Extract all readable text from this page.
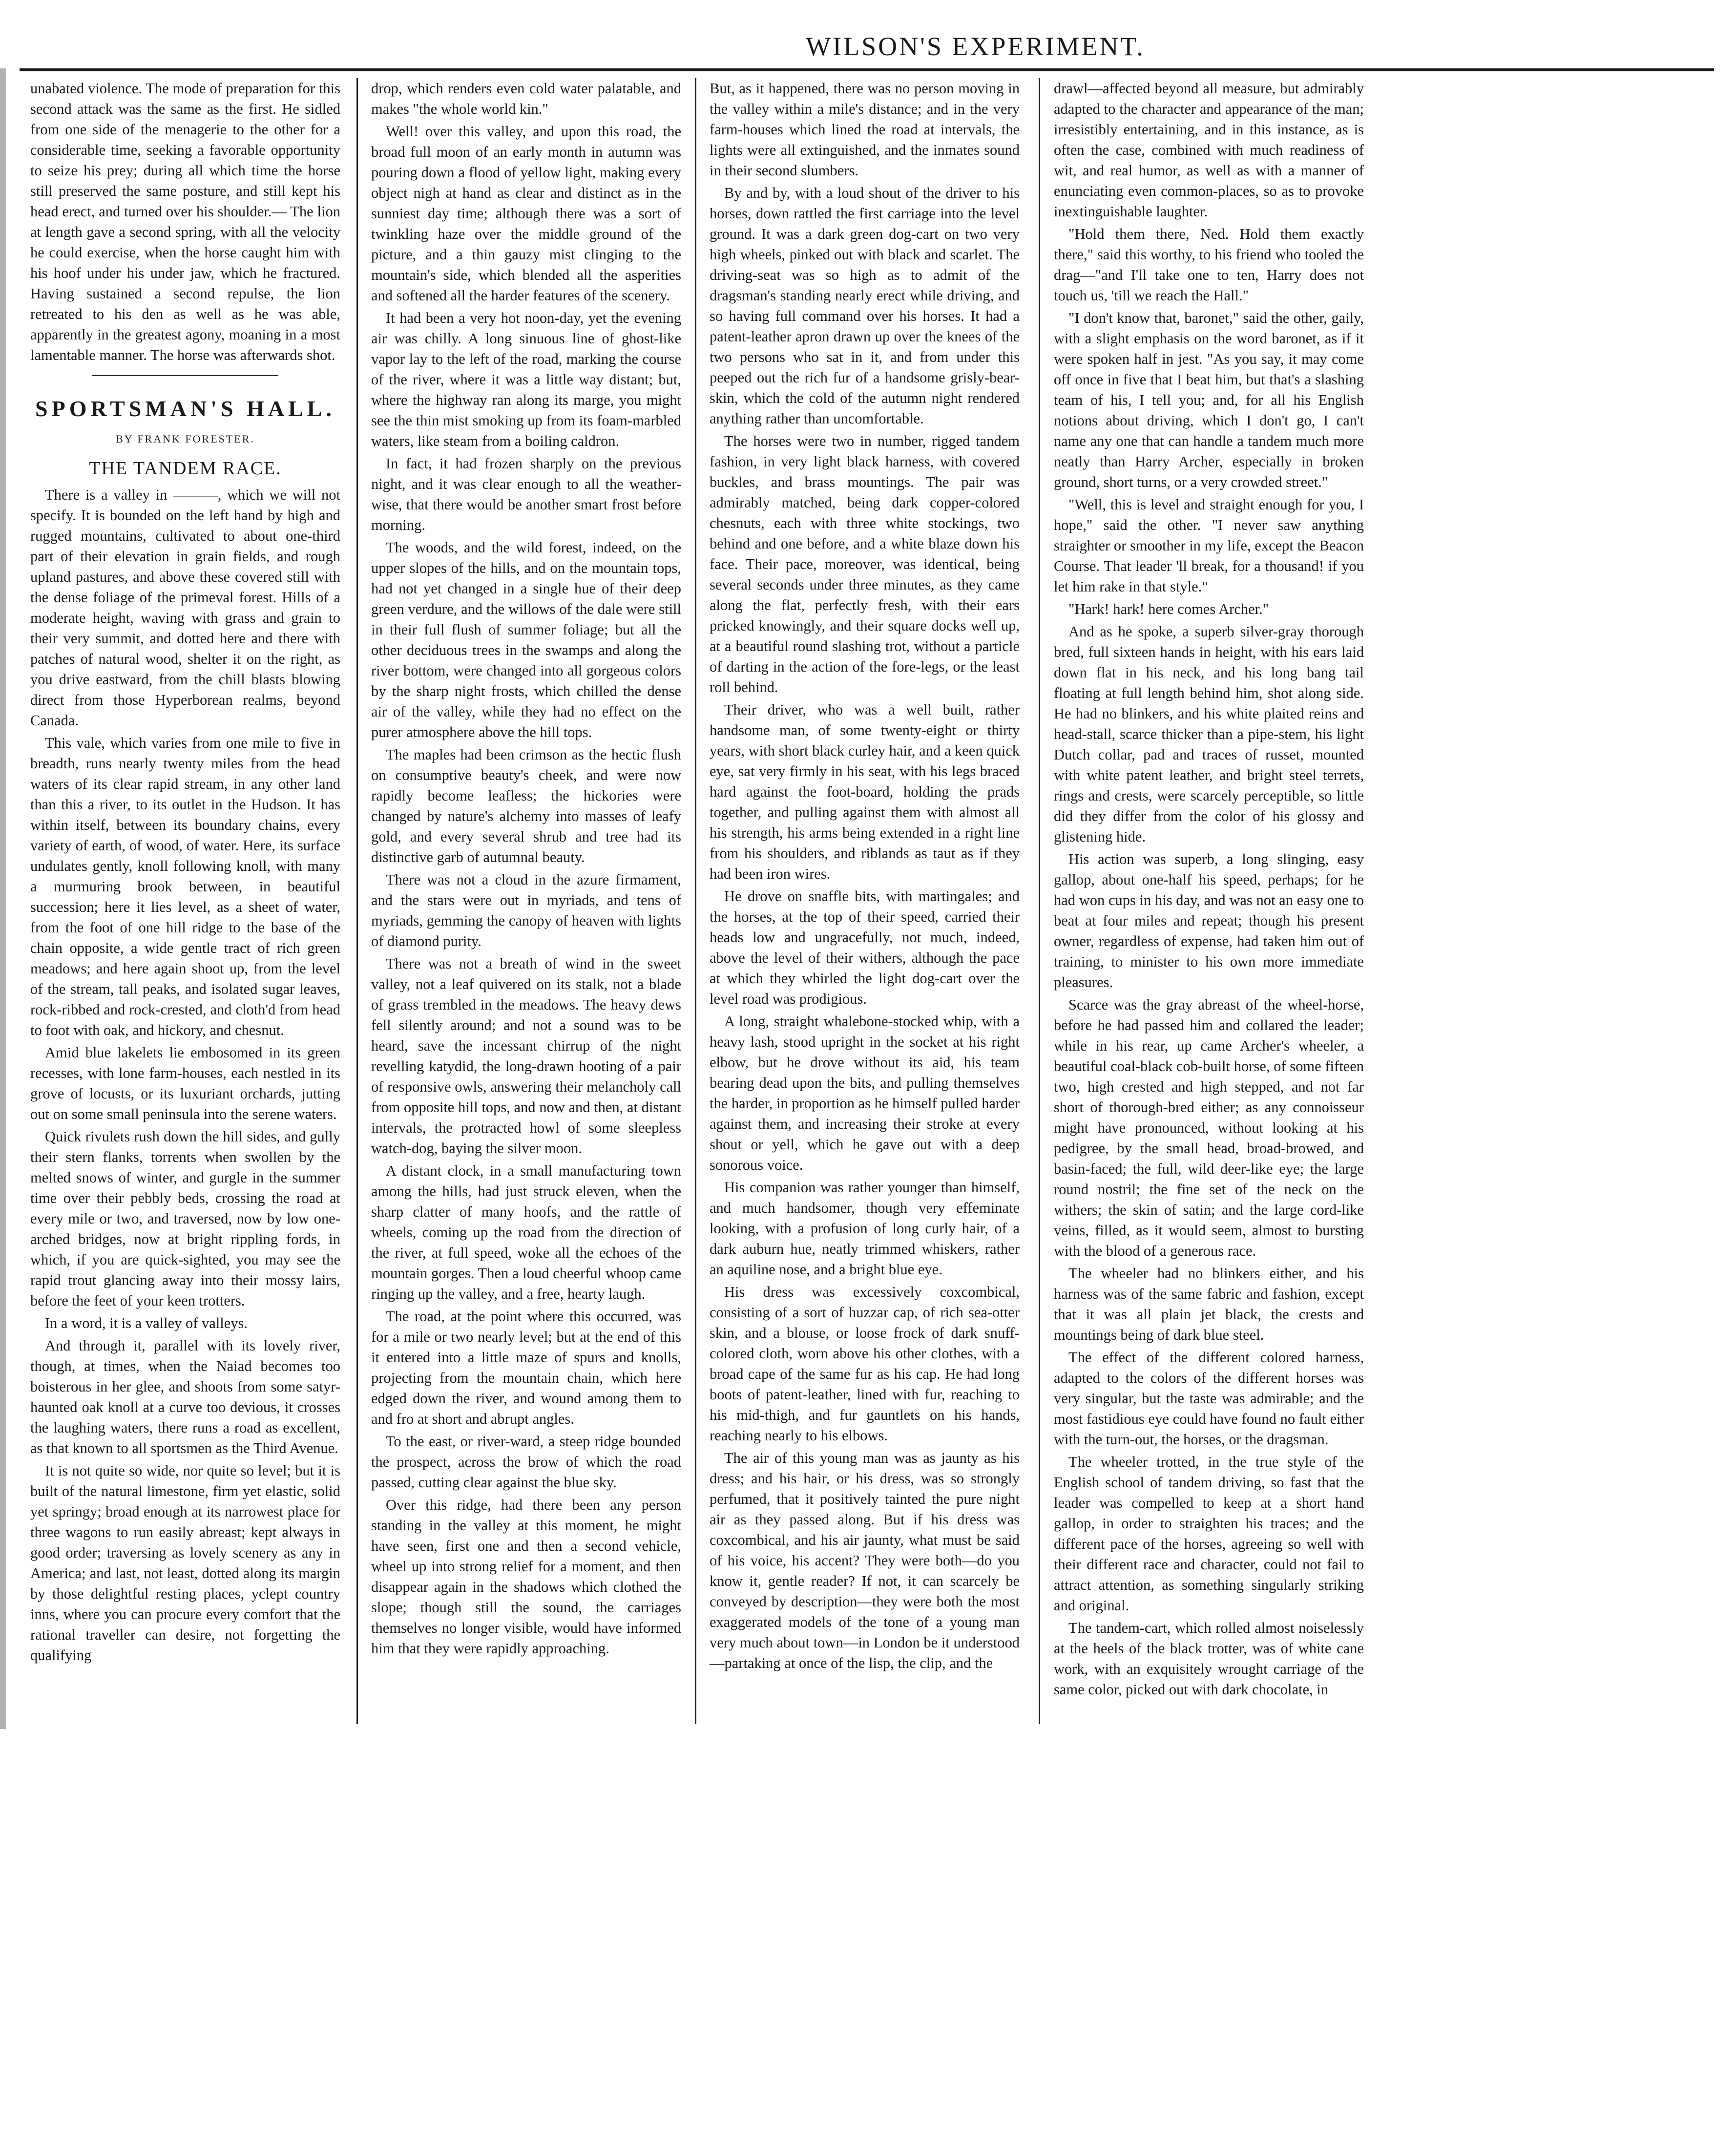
WILSON'S EXPERIMENT.

unabated violence. The mode of preparation for this second attack was the same as the first. He sidled from one side of the menagerie to the other for a considerable time, seeking a favorable opportunity to seize his prey; during all which time the horse still preserved the same posture, and still kept his head erect, and turned over his shoulder.— The lion at length gave a second spring, with all the velocity he could exercise, when the horse caught him with his hoof under his under jaw, which he fractured. Having sustained a second repulse, the lion retreated to his den as well as he was able, apparently in the greatest agony, moaning in a most lamentable manner. The horse was afterwards shot.

SPORTSMAN'S HALL.
BY FRANK FORESTER.
THE TANDEM RACE.

There is a valley in ———, which we will not specify. It is bounded on the left hand by high and rugged mountains, cultivated to about one-third part of their elevation in grain fields, and rough upland pastures, and above these covered still with the dense foliage of the primeval forest. Hills of a moderate height, waving with grass and grain to their very summit, and dotted here and there with patches of natural wood, shelter it on the right, as you drive eastward, from the chill blasts blowing direct from those Hyperborean realms, beyond Canada.

This vale, which varies from one mile to five in breadth, runs nearly twenty miles from the head waters of its clear rapid stream, in any other land than this a river, to its outlet in the Hudson. It has within itself, between its boundary chains, every variety of earth, of wood, of water. Here, its surface undulates gently, knoll following knoll, with many a murmuring brook between, in beautiful succession; here it lies level, as a sheet of water, from the foot of one hill ridge to the base of the chain opposite, a wide gentle tract of rich green meadows; and here again shoot up, from the level of the stream, tall peaks, and isolated sugar leaves, rock-ribbed and rock-crested, and cloth'd from head to foot with oak, and hickory, and chesnut.

Amid blue lakelets lie embosomed in its green recesses, with lone farm-houses, each nestled in its grove of locusts, or its luxuriant orchards, jutting out on some small peninsula into the serene waters.

Quick rivulets rush down the hill sides, and gully their stern flanks, torrents when swollen by the melted snows of winter, and gurgle in the summer time over their pebbly beds, crossing the road at every mile or two, and traversed, now by low one-arched bridges, now at bright rippling fords, in which, if you are quick-sighted, you may see the rapid trout glancing away into their mossy lairs, before the feet of your keen trotters.

In a word, it is a valley of valleys.

And through it, parallel with its lovely river, though, at times, when the Naiad becomes too boisterous in her glee, and shoots from some satyr-haunted oak knoll at a curve too devious, it crosses the laughing waters, there runs a road as excellent, as that known to all sportsmen as the Third Avenue.

It is not quite so wide, nor quite so level; but it is built of the natural limestone, firm yet elastic, solid yet springy; broad enough at its narrowest place for three wagons to run easily abreast; kept always in good order; traversing as lovely scenery as any in America; and last, not least, dotted along its margin by those delightful resting places, yclept country inns, where you can procure every comfort that the rational traveller can desire, not forgetting the qualifying

drop, which renders even cold water palatable, and makes "the whole world kin."

Well! over this valley, and upon this road, the broad full moon of an early month in autumn was pouring down a flood of yellow light, making every object nigh at hand as clear and distinct as in the sunniest day time; although there was a sort of twinkling haze over the middle ground of the picture, and a thin gauzy mist clinging to the mountain's side, which blended all the asperities and softened all the harder features of the scenery.

It had been a very hot noon-day, yet the evening air was chilly. A long sinuous line of ghost-like vapor lay to the left of the road, marking the course of the river, where it was a little way distant; but, where the highway ran along its marge, you might see the thin mist smoking up from its foam-marbled waters, like steam from a boiling caldron.

In fact, it had frozen sharply on the previous night, and it was clear enough to all the weather-wise, that there would be another smart frost before morning.

The woods, and the wild forest, indeed, on the upper slopes of the hills, and on the mountain tops, had not yet changed in a single hue of their deep green verdure, and the willows of the dale were still in their full flush of summer foliage; but all the other deciduous trees in the swamps and along the river bottom, were changed into all gorgeous colors by the sharp night frosts, which chilled the dense air of the valley, while they had no effect on the purer atmosphere above the hill tops.

The maples had been crimson as the hectic flush on consumptive beauty's cheek, and were now rapidly become leafless; the hickories were changed by nature's alchemy into masses of leafy gold, and every several shrub and tree had its distinctive garb of autumnal beauty.

There was not a cloud in the azure firmament, and the stars were out in myriads, and tens of myriads, gemming the canopy of heaven with lights of diamond purity.

There was not a breath of wind in the sweet valley, not a leaf quivered on its stalk, not a blade of grass trembled in the meadows. The heavy dews fell silently around; and not a sound was to be heard, save the incessant chirrup of the night revelling katydid, the long-drawn hooting of a pair of responsive owls, answering their melancholy call from opposite hill tops, and now and then, at distant intervals, the protracted howl of some sleepless watch-dog, baying the silver moon.

A distant clock, in a small manufacturing town among the hills, had just struck eleven, when the sharp clatter of many hoofs, and the rattle of wheels, coming up the road from the direction of the river, at full speed, woke all the echoes of the mountain gorges. Then a loud cheerful whoop came ringing up the valley, and a free, hearty laugh.

The road, at the point where this occurred, was for a mile or two nearly level; but at the end of this it entered into a little maze of spurs and knolls, projecting from the mountain chain, which here edged down the river, and wound among them to and fro at short and abrupt angles.

To the east, or river-ward, a steep ridge bounded the prospect, across the brow of which the road passed, cutting clear against the blue sky.

Over this ridge, had there been any person standing in the valley at this moment, he might have seen, first one and then a second vehicle, wheel up into strong relief for a moment, and then disappear again in the shadows which clothed the slope; though still the sound, the carriages themselves no longer visible, would have informed him that they were rapidly approaching.

But, as it happened, there was no person moving in the valley within a mile's distance; and in the very farm-houses which lined the road at intervals, the lights were all extinguished, and the inmates sound in their second slumbers.

By and by, with a loud shout of the driver to his horses, down rattled the first carriage into the level ground. It was a dark green dog-cart on two very high wheels, pinked out with black and scarlet. The driving-seat was so high as to admit of the dragsman's standing nearly erect while driving, and so having full command over his horses. It had a patent-leather apron drawn up over the knees of the two persons who sat in it, and from under this peeped out the rich fur of a handsome grisly-bear-skin, which the cold of the autumn night rendered anything rather than uncomfortable.

The horses were two in number, rigged tandem fashion, in very light black harness, with covered buckles, and brass mountings. The pair was admirably matched, being dark copper-colored chesnuts, each with three white stockings, two behind and one before, and a white blaze down his face. Their pace, moreover, was identical, being several seconds under three minutes, as they came along the flat, perfectly fresh, with their ears pricked knowingly, and their square docks well up, at a beautiful round slashing trot, without a particle of darting in the action of the fore-legs, or the least roll behind.

Their driver, who was a well built, rather handsome man, of some twenty-eight or thirty years, with short black curley hair, and a keen quick eye, sat very firmly in his seat, with his legs braced hard against the foot-board, holding the prads together, and pulling against them with almost all his strength, his arms being extended in a right line from his shoulders, and riblands as taut as if they had been iron wires.

He drove on snaffle bits, with martingales; and the horses, at the top of their speed, carried their heads low and ungracefully, not much, indeed, above the level of their withers, although the pace at which they whirled the light dog-cart over the level road was prodigious.

A long, straight whalebone-stocked whip, with a heavy lash, stood upright in the socket at his right elbow, but he drove without its aid, his team bearing dead upon the bits, and pulling themselves the harder, in proportion as he himself pulled harder against them, and increasing their stroke at every shout or yell, which he gave out with a deep sonorous voice.

His companion was rather younger than himself, and much handsomer, though very effeminate looking, with a profusion of long curly hair, of a dark auburn hue, neatly trimmed whiskers, rather an aquiline nose, and a bright blue eye.

His dress was excessively coxcombical, consisting of a sort of huzzar cap, of rich sea-otter skin, and a blouse, or loose frock of dark snuff-colored cloth, worn above his other clothes, with a broad cape of the same fur as his cap. He had long boots of patent-leather, lined with fur, reaching to his mid-thigh, and fur gauntlets on his hands, reaching nearly to his elbows.

The air of this young man was as jaunty as his dress; and his hair, or his dress, was so strongly perfumed, that it positively tainted the pure night air as they passed along. But if his dress was coxcombical, and his air jaunty, what must be said of his voice, his accent? They were both—do you know it, gentle reader? If not, it can scarcely be conveyed by description—they were both the most exaggerated models of the tone of a young man very much about town—in London be it understood—partaking at once of the lisp, the clip, and the

drawl—affected beyond all measure, but admirably adapted to the character and appearance of the man; irresistibly entertaining, and in this instance, as is often the case, combined with much readiness of wit, and real humor, as well as with a manner of enunciating even common-places, so as to provoke inextinguishable laughter.

"Hold them there, Ned. Hold them exactly there," said this worthy, to his friend who tooled the drag—"and I'll take one to ten, Harry does not touch us, 'till we reach the Hall."

"I don't know that, baronet," said the other, gaily, with a slight emphasis on the word baronet, as if it were spoken half in jest. "As you say, it may come off once in five that I beat him, but that's a slashing team of his, I tell you; and, for all his English notions about driving, which I don't go, I can't name any one that can handle a tandem much more neatly than Harry Archer, especially in broken ground, short turns, or a very crowded street."

"Well, this is level and straight enough for you, I hope," said the other. "I never saw anything straighter or smoother in my life, except the Beacon Course. That leader 'll break, for a thousand! if you let him rake in that style."

"Hark! hark! here comes Archer."

And as he spoke, a superb silver-gray thorough bred, full sixteen hands in height, with his ears laid down flat in his neck, and his long bang tail floating at full length behind him, shot along side. He had no blinkers, and his white plaited reins and head-stall, scarce thicker than a pipe-stem, his light Dutch collar, pad and traces of russet, mounted with white patent leather, and bright steel terrets, rings and crests, were scarcely perceptible, so little did they differ from the color of his glossy and glistening hide.

His action was superb, a long slinging, easy gallop, about one-half his speed, perhaps; for he had won cups in his day, and was not an easy one to beat at four miles and repeat; though his present owner, regardless of expense, had taken him out of training, to minister to his own more immediate pleasures.

Scarce was the gray abreast of the wheel-horse, before he had passed him and collared the leader; while in his rear, up came Archer's wheeler, a beautiful coal-black cob-built horse, of some fifteen two, high crested and high stepped, and not far short of thorough-bred either; as any connoisseur might have pronounced, without looking at his pedigree, by the small head, broad-browed, and basin-faced; the full, wild deer-like eye; the large round nostril; the fine set of the neck on the withers; the skin of satin; and the large cord-like veins, filled, as it would seem, almost to bursting with the blood of a generous race.

The wheeler had no blinkers either, and his harness was of the same fabric and fashion, except that it was all plain jet black, the crests and mountings being of dark blue steel.

The effect of the different colored harness, adapted to the colors of the different horses was very singular, but the taste was admirable; and the most fastidious eye could have found no fault either with the turn-out, the horses, or the dragsman.

The wheeler trotted, in the true style of the English school of tandem driving, so fast that the leader was compelled to keep at a short hand gallop, in order to straighten his traces; and the different pace of the horses, agreeing so well with their different race and character, could not fail to attract attention, as something singularly striking and original.

The tandem-cart, which rolled almost noiselessly at the heels of the black trotter, was of white cane work, with an exquisitely wrought carriage of the same color, picked out with dark chocolate, in
